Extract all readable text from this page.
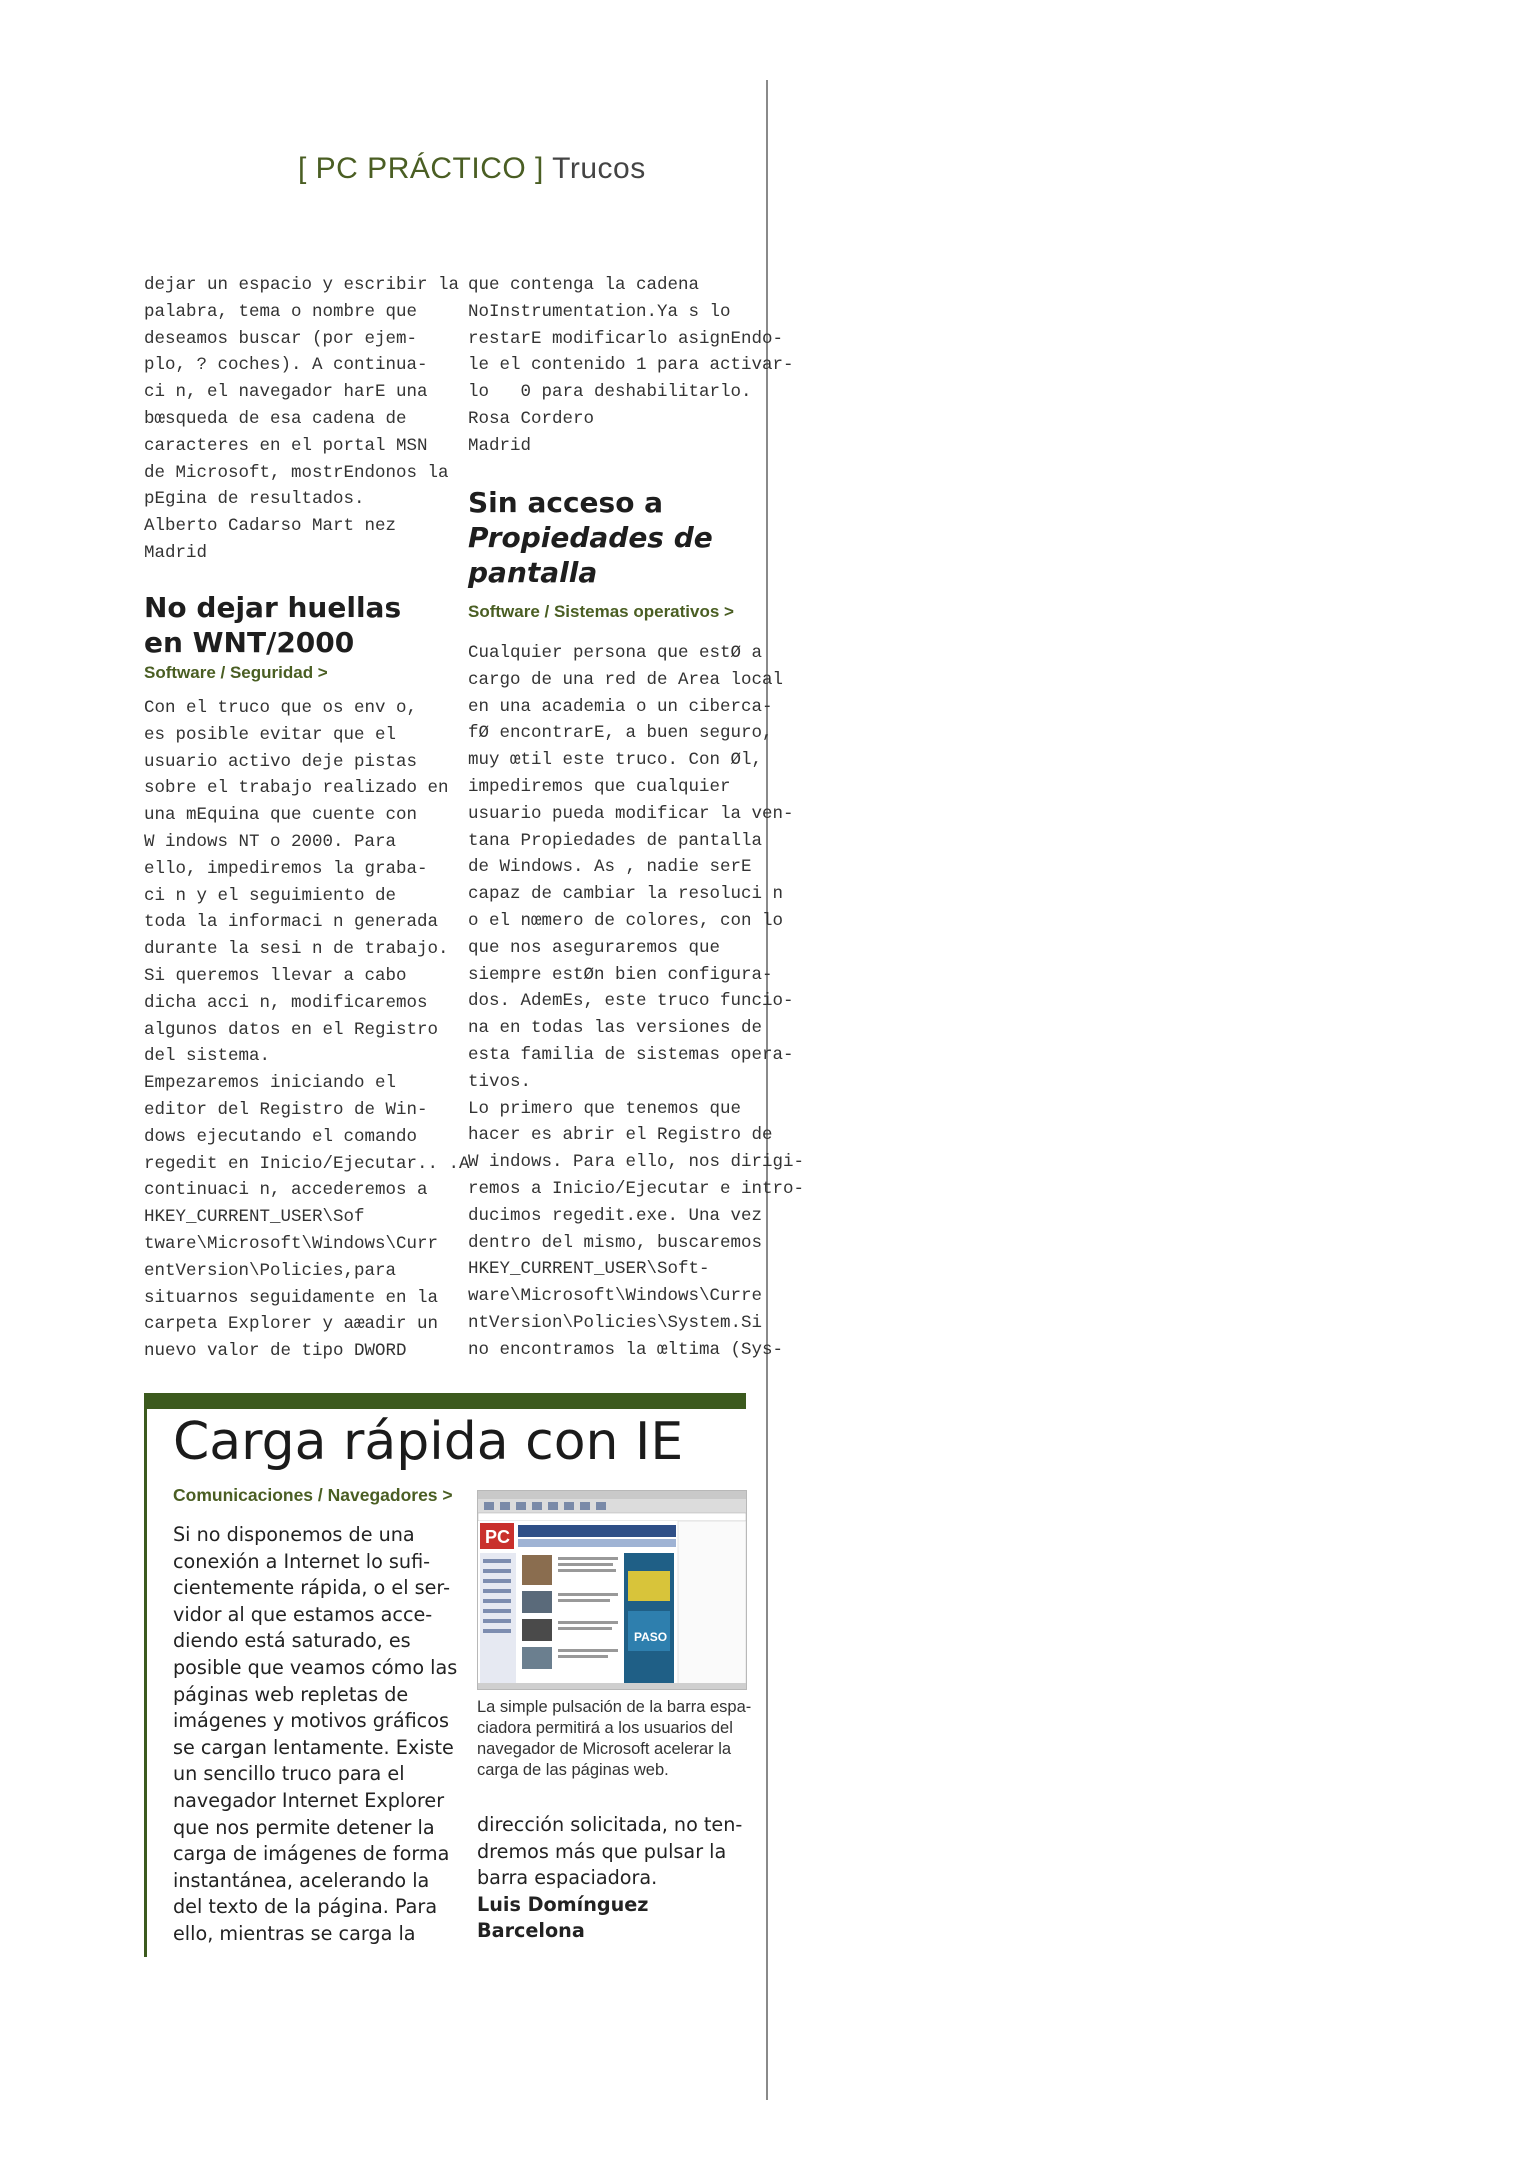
[ PC PRÁCTICO ] Trucos
dejar un espacio y escribir la
palabra, tema o nombre que
deseamos buscar (por ejem-
plo, ? coches). A continua-
ci n, el navegador harE una
bœsqueda de esa cadena de
caracteres en el portal MSN
de Microsoft, mostrEndonos la
pEgina de resultados.
Alberto Cadarso Mart nez
Madrid
No dejar huellas
en WNT/2000
Software / Seguridad >
Con el truco que os env o,
es posible evitar que el
usuario activo deje pistas
sobre el trabajo realizado en
una mEquina que cuente con
W indows NT o 2000. Para
ello, impediremos la graba-
ci n y el seguimiento de
toda la informaci n generada
durante la sesi n de trabajo.
Si queremos llevar a cabo
dicha acci n, modificaremos
algunos datos en el Registro
del sistema.
Empezaremos iniciando el
editor del Registro de Win-
dows ejecutando el comando
regedit en Inicio/Ejecutar.. .A
continuaci n, accederemos a
HKEY_CURRENT_USER\Sof
tware\Microsoft\Windows\Curr
entVersion\Policies,para
situarnos seguidamente en la
carpeta Explorer y aæadir un
nuevo valor de tipo DWORD
que contenga la cadena
NoInstrumentation.Ya s lo
restarE modificarlo asignEndo-
le el contenido 1 para activar-
lo   0 para deshabilitarlo.
Rosa Cordero
Madrid
Sin acceso a
Propiedades de
pantalla
Software / Sistemas operativos >
Cualquier persona que estØ a
cargo de una red de Area local
en una academia o un ciberca-
fØ encontrarE, a buen seguro,
muy œtil este truco. Con Øl,
impediremos que cualquier
usuario pueda modificar la ven-
tana Propiedades de pantalla
de Windows. As , nadie serE
capaz de cambiar la resoluci n
o el nœmero de colores, con lo
que nos aseguraremos que
siempre estØn bien configura-
dos. AdemEs, este truco funcio-
na en todas las versiones de
esta familia de sistemas opera-
tivos.
Lo primero que tenemos que
hacer es abrir el Registro de
W indows. Para ello, nos dirigi-
remos a Inicio/Ejecutar e intro-
ducimos regedit.exe. Una vez
dentro del mismo, buscaremos
HKEY_CURRENT_USER\Soft-
ware\Microsoft\Windows\Curre
ntVersion\Policies\System.Si
no encontramos la œltima (Sys-
Carga rápida con IE
Comunicaciones / Navegadores >
Si no disponemos de una
conexión a Internet lo sufi-
cientemente rápida, o el ser-
vidor al que estamos acce-
diendo está saturado, es
posible que veamos cómo las
páginas web repletas de
imágenes y motivos gráficos
se cargan lentamente. Existe
un sencillo truco para el
navegador Internet Explorer
que nos permite detener la
carga de imágenes de forma
instantánea, acelerando la
del texto de la página. Para
ello, mientras se carga la
PC
PASO
La simple pulsación de la barra espa-
ciadora permitirá a los usuarios del
navegador de Microsoft acelerar la
carga de las páginas web.
dirección solicitada, no ten-
dremos más que pulsar la
barra espaciadora.
Luis Domínguez
Barcelona
